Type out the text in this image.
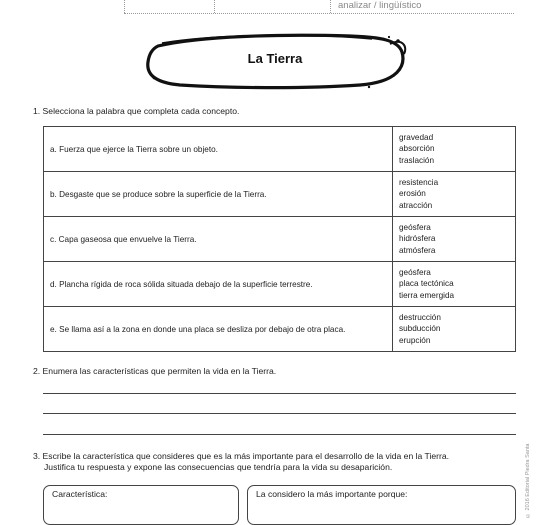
analizar / lingüístico
La Tierra
1. Selecciona la palabra que completa cada concepto.
a. Fuerza que ejerce la Tierra sobre un objeto.	gravedad
absorción
traslación

b. Desgaste que se produce sobre la superficie de la Tierra.	resistencia
erosión
atracción

c. Capa gaseosa que envuelve la Tierra.	geósfera
hidrósfera
atmósfera

d. Plancha rígida de roca sólida situada debajo de la superficie terrestre.	geósfera
placa tectónica
tierra emergida

e. Se llama así a la zona en donde una placa se desliza por debajo de otra placa.	destrucción
subducción
erupción
2. Enumera las características que permiten la vida en la Tierra.
3. Escribe la característica que consideres que es la más importante para el desarrollo de la vida en la Tierra.
Justifica tu respuesta y expone las consecuencias que tendría para la vida su desaparición.
Característica:	La considero la más importante porque:	© 2016 Editorial Piedra Santa
